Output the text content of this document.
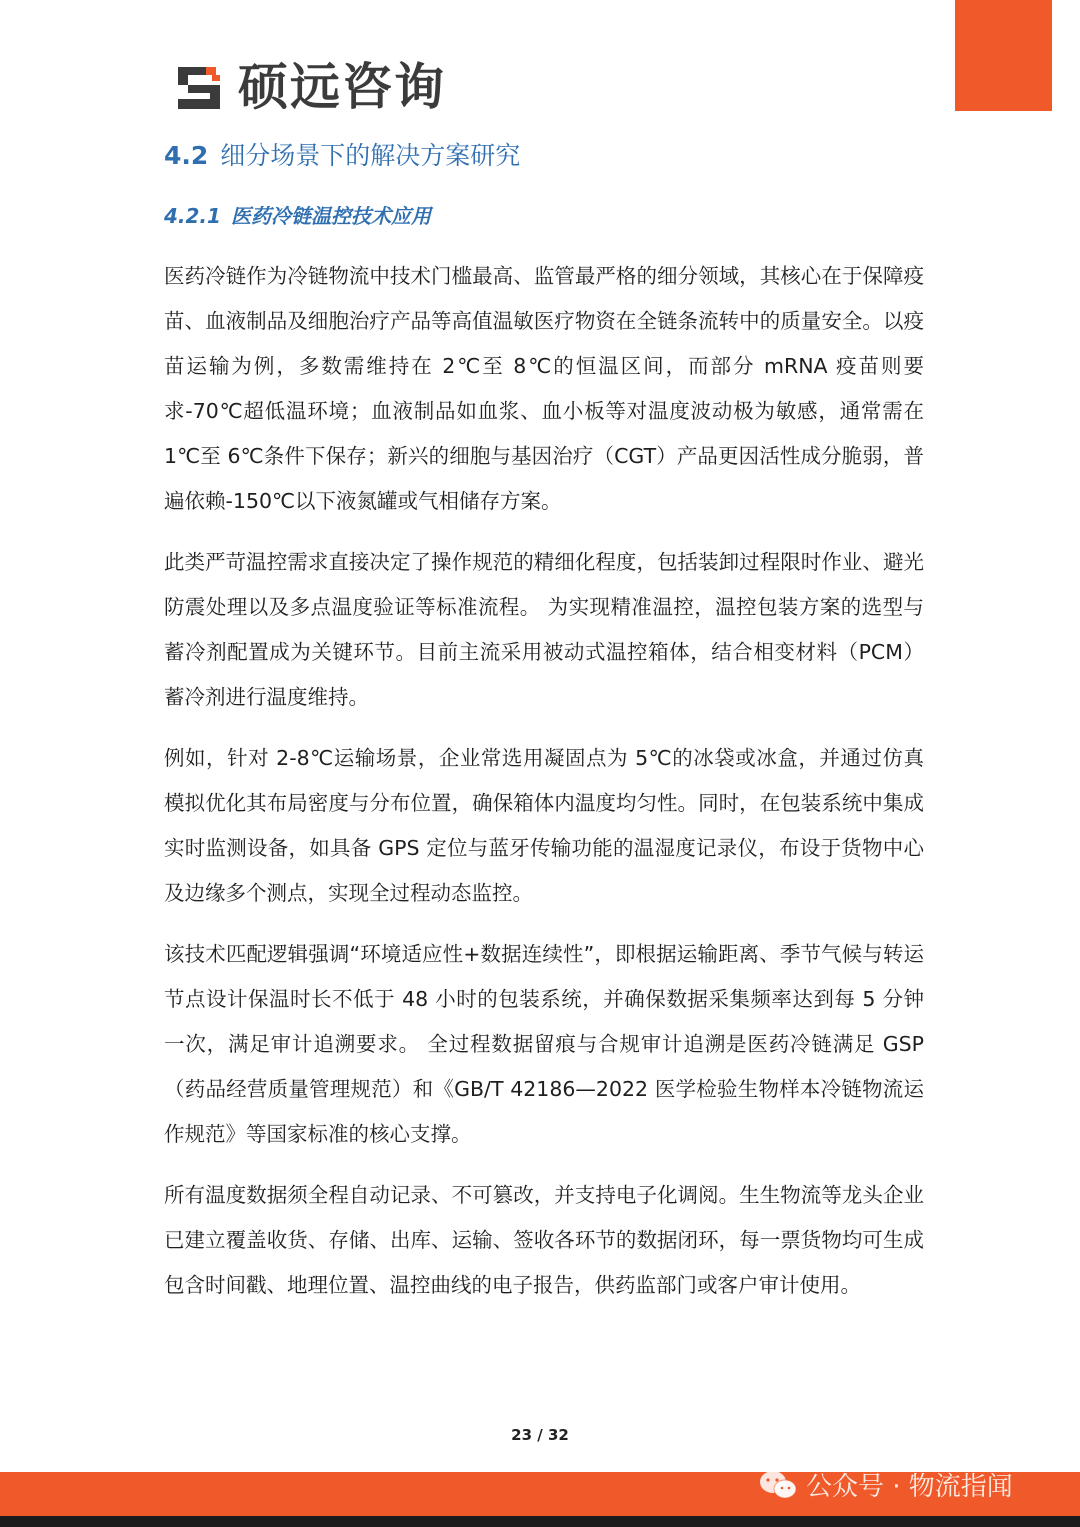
硕远咨询
4.2 细分场景下的解决方案研究
4.2.1 医药冷链温控技术应用

医药冷链作为冷链物流中技术门槛最高、监管最严格的细分领域，其核心在于保障疫苗、血液制品及细胞治疗产品等高值温敏医疗物资在全链条流转中的质量安全。以疫苗运输为例，多数需维持在 2℃至 8℃的恒温区间，而部分 mRNA 疫苗则要求-70℃超低温环境；血液制品如血浆、血小板等对温度波动极为敏感，通常需在 1℃至 6℃条件下保存；新兴的细胞与基因治疗（CGT）产品更因活性成分脆弱，普遍依赖-150℃以下液氮罐或气相储存方案。

此类严苛温控需求直接决定了操作规范的精细化程度，包括装卸过程限时作业、避光防震处理以及多点温度验证等标准流程。 为实现精准温控，温控包装方案的选型与蓄冷剂配置成为关键环节。目前主流采用被动式温控箱体，结合相变材料（PCM）蓄冷剂进行温度维持。

例如，针对 2-8℃运输场景，企业常选用凝固点为 5℃的冰袋或冰盒，并通过仿真模拟优化其布局密度与分布位置，确保箱体内温度均匀性。同时，在包装系统中集成实时监测设备，如具备 GPS 定位与蓝牙传输功能的温湿度记录仪，布设于货物中心及边缘多个测点，实现全过程动态监控。

该技术匹配逻辑强调“环境适应性+数据连续性”，即根据运输距离、季节气候与转运节点设计保温时长不低于 48 小时的包装系统，并确保数据采集频率达到每 5 分钟一次，满足审计追溯要求。 全过程数据留痕与合规审计追溯是医药冷链满足 GSP（药品经营质量管理规范）和《GB/T 42186—2022 医学检验生物样本冷链物流运作规范》等国家标准的核心支撑。

所有温度数据须全程自动记录、不可篡改，并支持电子化调阅。生生物流等龙头企业已建立覆盖收货、存储、出库、运输、签收各环节的数据闭环，每一票货物均可生成包含时间戳、地理位置、温控曲线的电子报告，供药监部门或客户审计使用。

23 / 32
公众号 · 物流指闻
